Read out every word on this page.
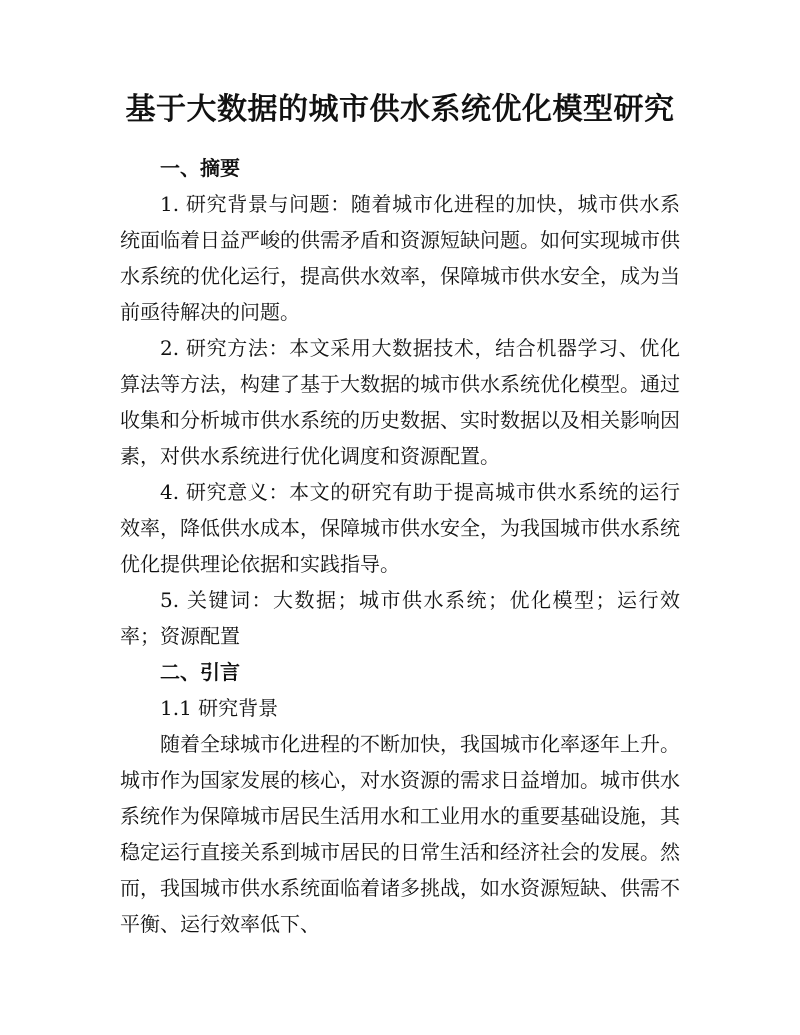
基于大数据的城市供水系统优化模型研究
一、摘要

1. 研究背景与问题：随着城市化进程的加快，城市供水系统面临着日益严峻的供需矛盾和资源短缺问题。如何实现城市供水系统的优化运行，提高供水效率，保障城市供水安全，成为当前亟待解决的问题。

2. 研究方法：本文采用大数据技术，结合机器学习、优化算法等方法，构建了基于大数据的城市供水系统优化模型。通过收集和分析城市供水系统的历史数据、实时数据以及相关影响因素，对供水系统进行优化调度和资源配置。

4. 研究意义：本文的研究有助于提高城市供水系统的运行效率，降低供水成本，保障城市供水安全，为我国城市供水系统优化提供理论依据和实践指导。

5. 关键词：大数据；城市供水系统；优化模型；运行效率；资源配置

二、引言
1.1 研究背景

随着全球城市化进程的不断加快，我国城市化率逐年上升。城市作为国家发展的核心，对水资源的需求日益增加。城市供水系统作为保障城市居民生活用水和工业用水的重要基础设施，其稳定运行直接关系到城市居民的日常生活和经济社会的发展。然而，我国城市供水系统面临着诸多挑战，如水资源短缺、供需不平衡、运行效率低下、
